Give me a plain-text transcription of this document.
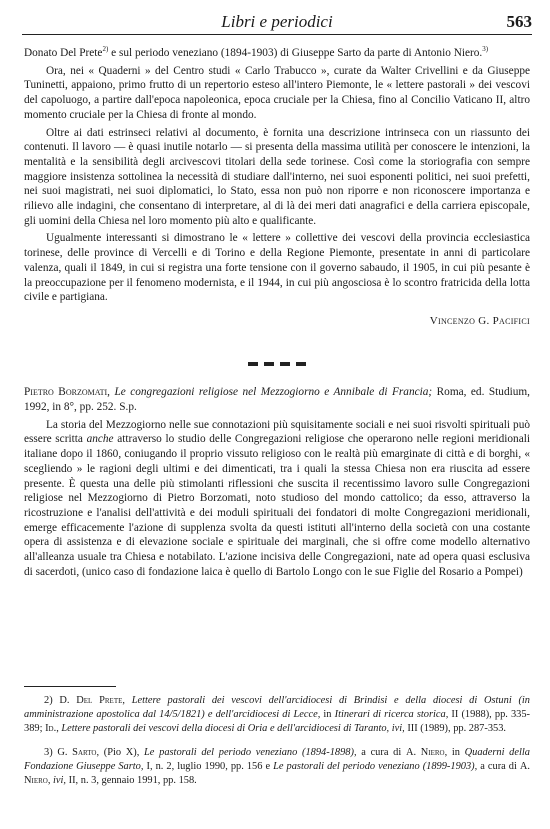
Libri e periodici	563

Donato Del Prete$^{2)}$ e sul periodo veneziano (1894-1903) di Giuseppe Sarto da parte di Antonio Niero.$^{3)}$

Ora, nei « Quaderni » del Centro studi « Carlo Trabucco », curate da Walter Crivellini e da Giuseppe Tuninetti, appaiono, primo frutto di un repertorio esteso all'intero Piemonte, le « lettere pastorali » dei vescovi del capoluogo, a partire dall'epoca napoleonica, epoca cruciale per la Chiesa, fino al Concilio Vaticano II, altro momento cruciale per la Chiesa di fronte al mondo.

Oltre ai dati estrinseci relativi al documento, è fornita una descrizione intrinseca con un riassunto dei contenuti. Il lavoro — è quasi inutile notarlo — si presenta della massima utilità per conoscere le intenzioni, la mentalità e la sensibilità degli arcivescovi titolari della sede torinese. Così come la storiografia con sempre maggiore insistenza sottolinea la necessità di studiare dall'interno, nei suoi esponenti politici, nei suoi prefetti, nei suoi magistrati, nei suoi diplomatici, lo Stato, essa non può non riporre e non riconoscere importanza e rilievo alle indagini, che consentano di interpretare, al di là dei meri dati anagrafici e della carriera episcopale, gli uomini della Chiesa nel loro momento più alto e qualificante.

Ugualmente interessanti si dimostrano le « lettere » collettive dei vescovi della provincia ecclesiastica torinese, delle province di Vercelli e di Torino e della Regione Piemonte, presentate in anni di particolare valenza, quali il 1849, in cui si registra una forte tensione con il governo sabaudo, il 1905, in cui più pesante è la preoccupazione per il fenomeno modernista, e il 1944, in cui più angosciosa è lo scontro fratricida della lotta civile e partigiana.

Vincenzo G. Pacifici

Pietro Borzomati, Le congregazioni religiose nel Mezzogiorno e Annibale di Francia; Roma, ed. Studium, 1992, in 8°, pp. 252. S.p.

La storia del Mezzogiorno nelle sue connotazioni più squisitamente sociali e nei suoi risvolti spirituali può essere scritta anche attraverso lo studio delle Congregazioni religiose che operarono nelle regioni meridionali italiane dopo il 1860, coniugando il proprio vissuto religioso con le realtà più emarginate di città e di borghi, « scegliendo » le ragioni degli ultimi e dei dimenticati, tra i quali la stessa Chiesa non era riuscita ad essere presente. È questa una delle più stimolanti riflessioni che suscita il recentissimo lavoro sulle Congregazioni religiose nel Mezzogiorno di Pietro Borzomati, noto studioso del mondo cattolico; da esso, attraverso la ricostruzione e l'analisi dell'attività e dei moduli spirituali dei fondatori di molte Congregazioni meridionali, emerge efficacemente l'azione di supplenza svolta da questi istituti all'interno della società con una costante opera di assistenza e di elevazione sociale e spirituale dei marginali, che si offre come modello alternativo all'alleanza usuale tra Chiesa e notabilato. L'azione incisiva delle Congregazioni, nate ad opera quasi esclusiva di sacerdoti, (unico caso di fondazione laica è quello di Bartolo Longo con le sue Figlie del Rosario a Pompei)

2) D. Del Prete, Lettere pastorali dei vescovi dell'arcidiocesi di Brindisi e della diocesi di Ostuni (in amministrazione apostolica dal 14/5/1821) e dell'arcidiocesi di Lecce, in Itinerari di ricerca storica, II (1988), pp. 335-389; Id., Lettere pastorali dei vescovi della diocesi di Oria e dell'arcidiocesi di Taranto, ivi, III (1989), pp. 287-353.

3) G. Sarto, (Pio X), Le pastorali del periodo veneziano (1894-1898), a cura di A. Niero, in Quaderni della Fondazione Giuseppe Sarto, I, n. 2, luglio 1990, pp. 156 e Le pastorali del periodo veneziano (1899-1903), a cura di A. Niero, ivi, II, n. 3, gennaio 1991, pp. 158.
